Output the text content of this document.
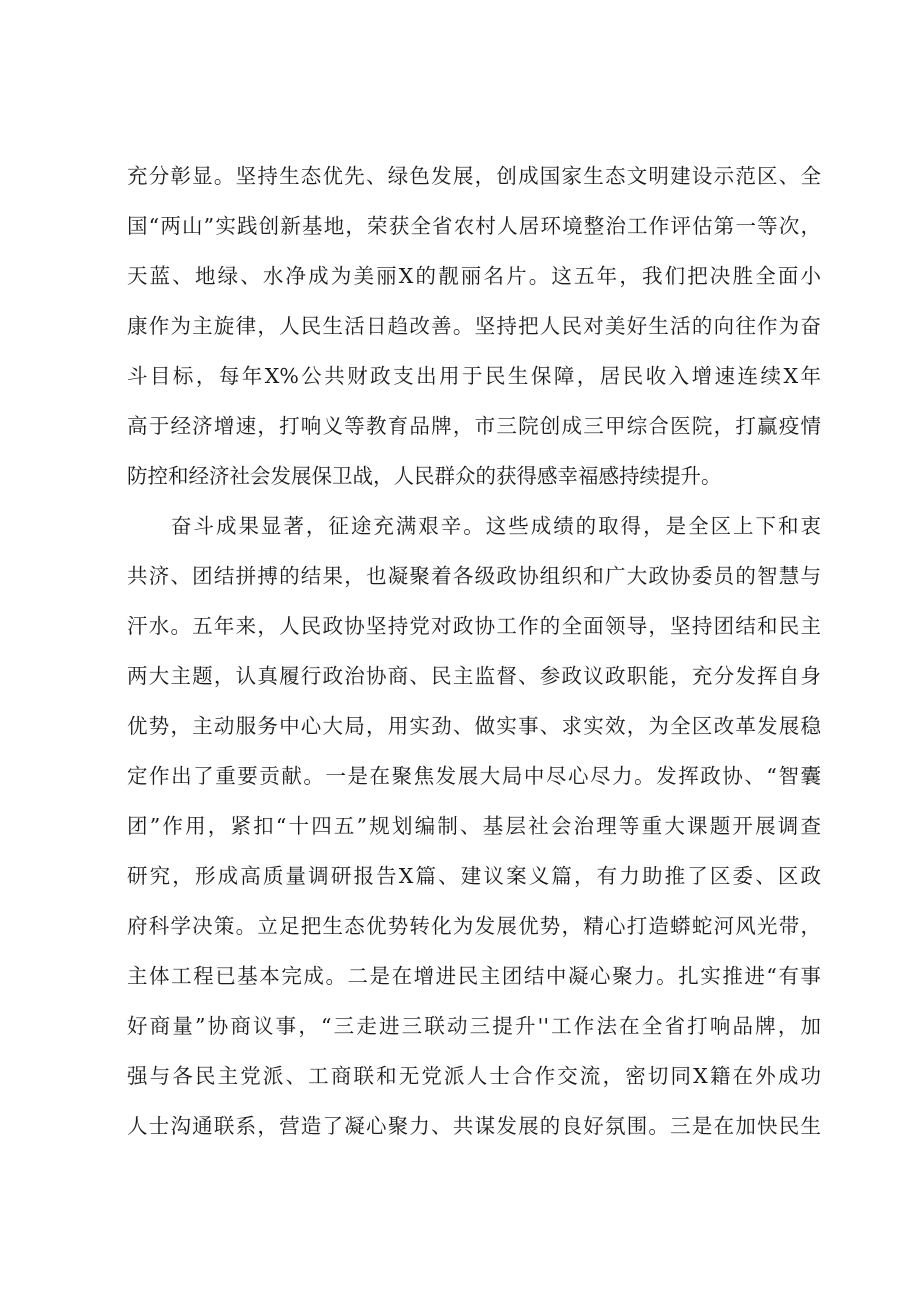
充分彰显。坚持生态优先、绿色发展，创成国家生态文明建设示范区、全
国“两山”实践创新基地，荣获全省农村人居环境整治工作评估第一等次，
天蓝、地绿、水净成为美丽X的靓丽名片。这五年，我们把决胜全面小
康作为主旋律，人民生活日趋改善。坚持把人民对美好生活的向往作为奋
斗目标，每年X%公共财政支出用于民生保障，居民收入增速连续X年
高于经济增速，打响义等教育品牌，市三院创成三甲综合医院，打赢疫情
防控和经济社会发展保卫战，人民群众的获得感幸福感持续提升。
奋斗成果显著，征途充满艰辛。这些成绩的取得，是全区上下和衷
共济、团结拼搏的结果，也凝聚着各级政协组织和广大政协委员的智慧与
汗水。五年来，人民政协坚持党对政协工作的全面领导，坚持团结和民主
两大主题，认真履行政治协商、民主监督、参政议政职能，充分发挥自身
优势，主动服务中心大局，用实劲、做实事、求实效，为全区改革发展稳
定作出了重要贡献。一是在聚焦发展大局中尽心尽力。发挥政协、“智囊
团”作用，紧扣“十四五”规划编制、基层社会治理等重大课题开展调查
研究，形成高质量调研报告X篇、建议案义篇，有力助推了区委、区政
府科学决策。立足把生态优势转化为发展优势，精心打造蟒蛇河风光带，
主体工程已基本完成。二是在增进民主团结中凝心聚力。扎实推进“有事
好商量”协商议事，“三走进三联动三提升''工作法在全省打响品牌，加
强与各民主党派、工商联和无党派人士合作交流，密切同X籍在外成功
人士沟通联系，营造了凝心聚力、共谋发展的良好氛围。三是在加快民生
